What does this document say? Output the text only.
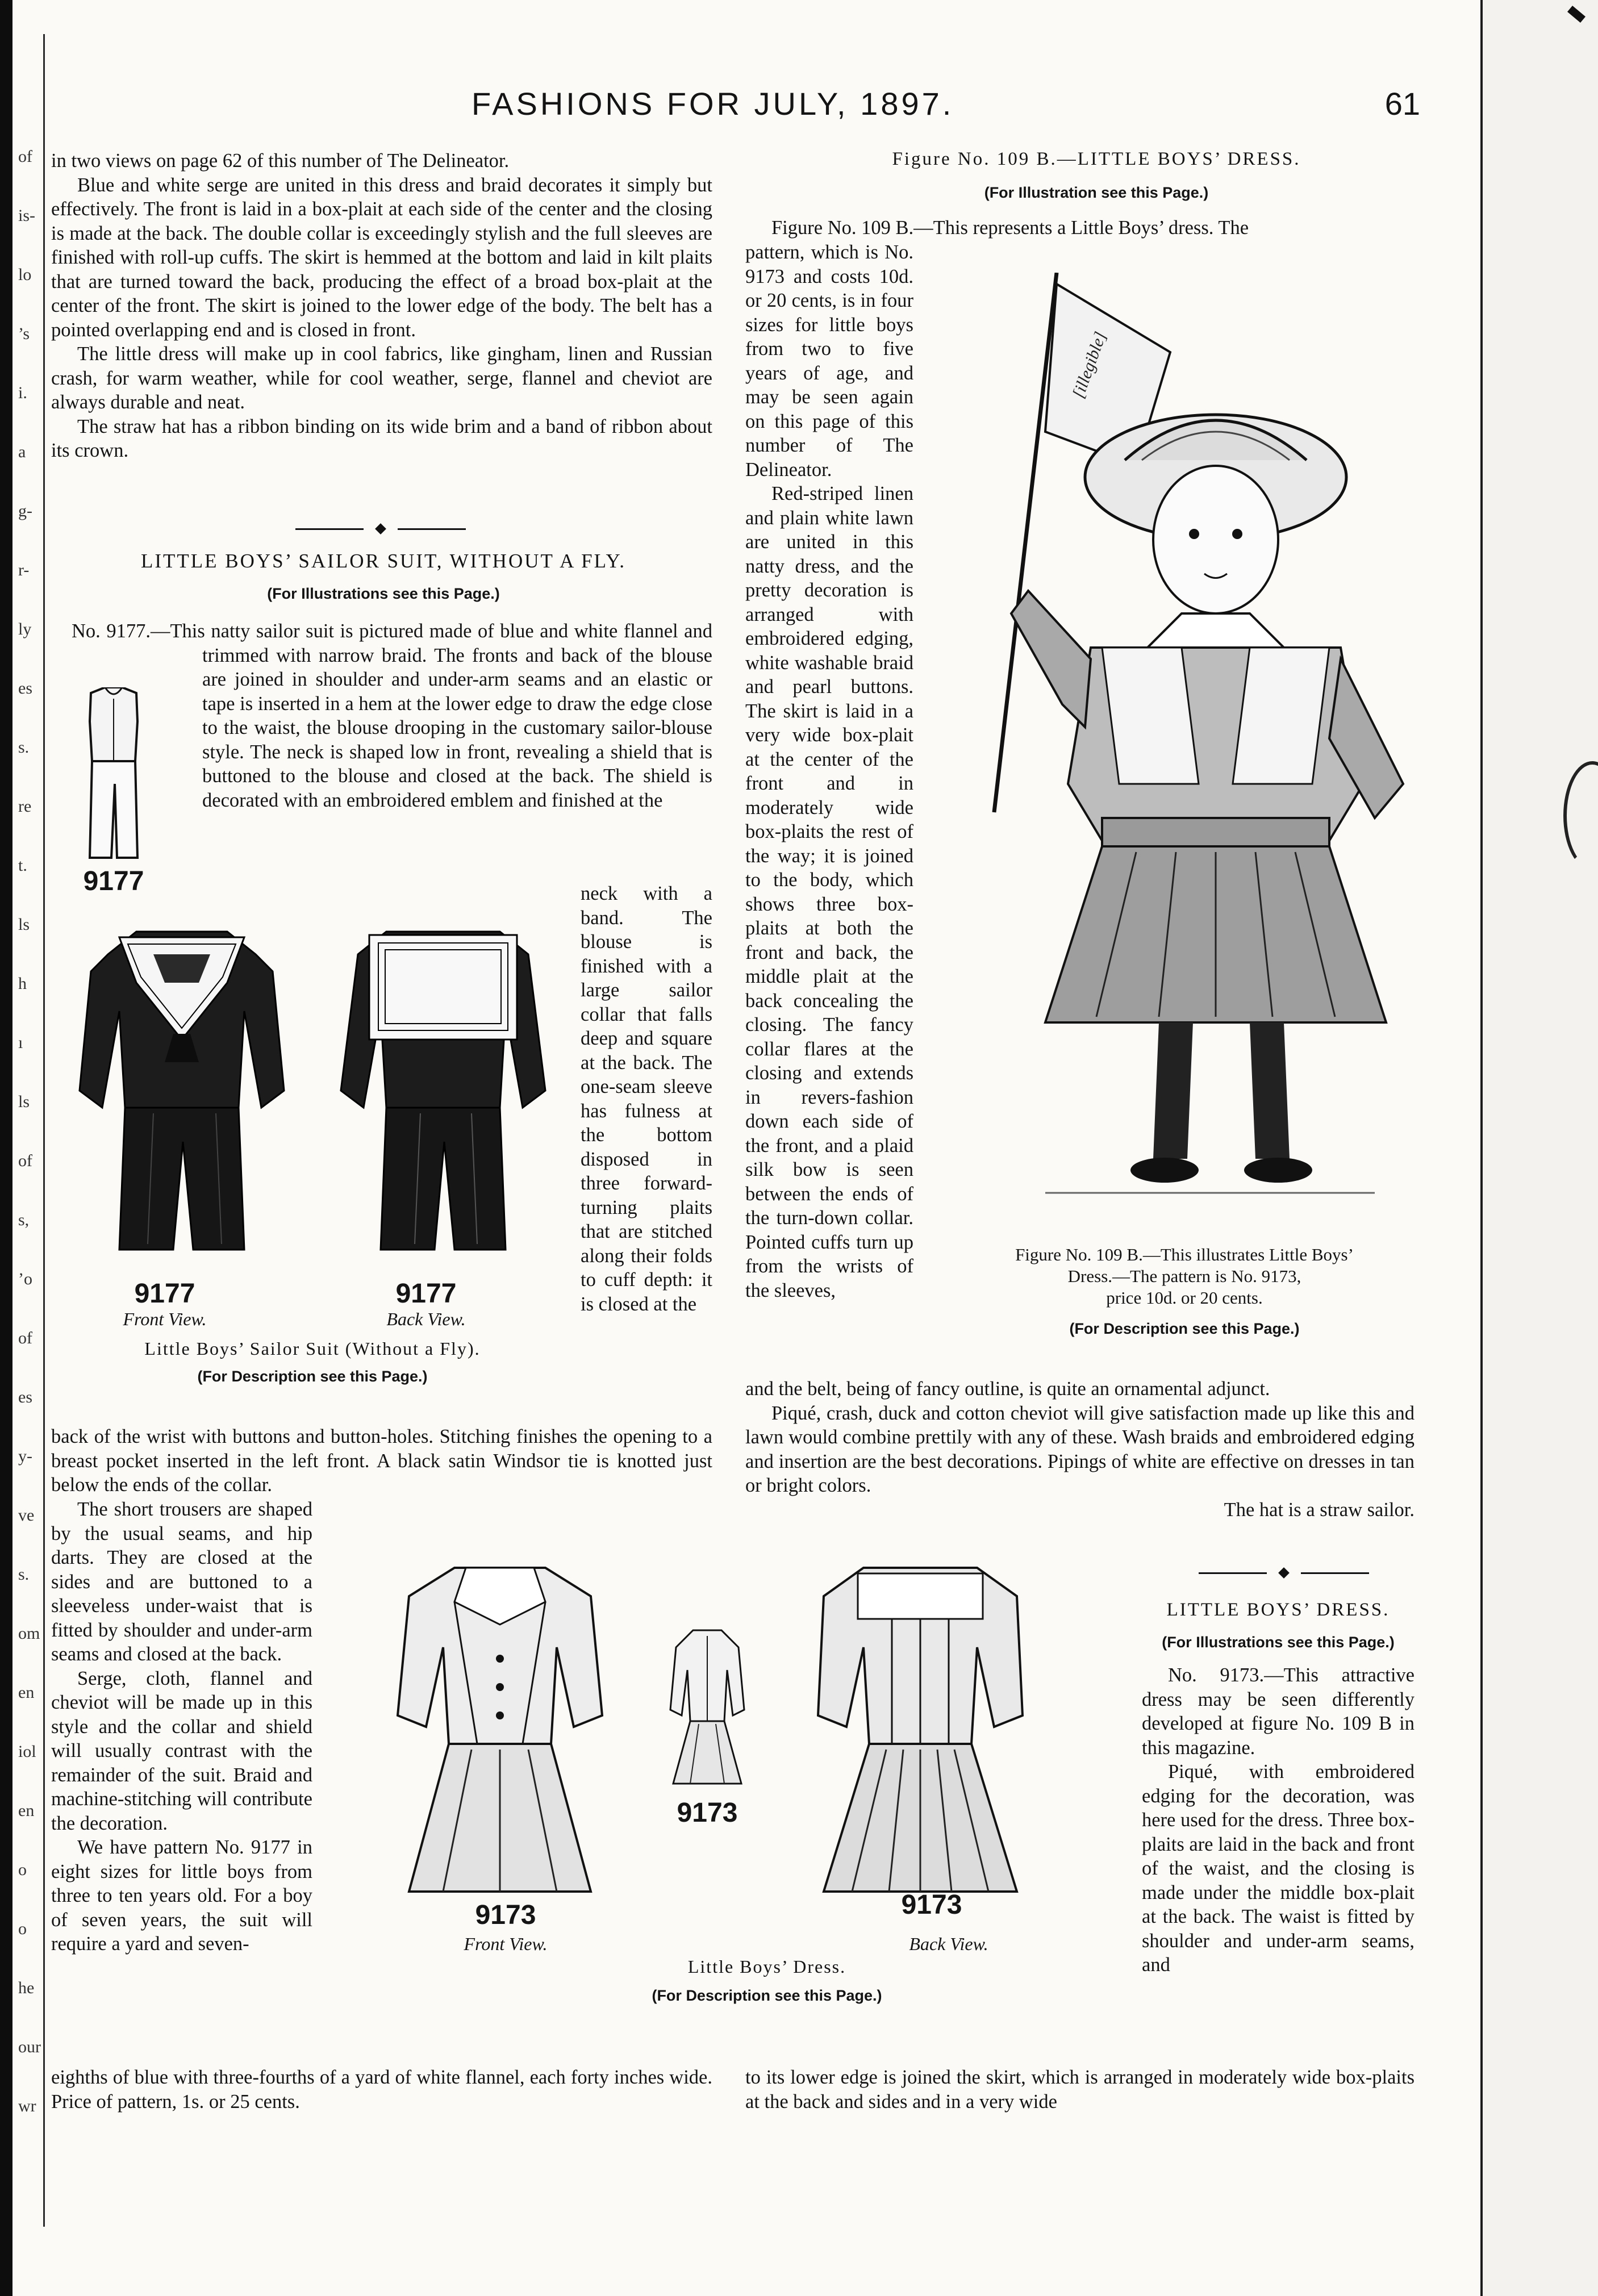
of
is-
lo
’s
i.
a
g-
r-
ly
es
s.
re
t.
ls
h
ı
ls
of
s,
’o
of
es
y-
ve
s.
om
en
iol
en
o
o
he
our
wr
FASHIONS FOR JULY, 1897.	61

in two views on page 62 of this number of The Delineator.

Blue and white serge are united in this dress and braid decorates it simply but effectively. The front is laid in a box-plait at each side of the center and the closing is made at the back. The double collar is exceedingly stylish and the full sleeves are finished with roll-up cuffs. The skirt is hemmed at the bottom and laid in kilt plaits that are turned toward the back, producing the effect of a broad box-plait at the center of the front. The skirt is joined to the lower edge of the body. The belt has a pointed overlapping end and is closed in front.

The little dress will make up in cool fabrics, like gingham, linen and Russian crash, for warm weather, while for cool weather, serge, flannel and cheviot are always durable and neat.

The straw hat has a ribbon binding on its wide brim and a band of ribbon about its crown.

LITTLE BOYS’ SAILOR SUIT, WITHOUT A FLY.
(For Illustrations see this Page.)

No. 9177.—
This natty sailor suit is pictured made of blue and white flannel and trimmed with narrow braid. The fronts and back of the blouse are joined in shoulder and under-arm seams and an elastic or tape is inserted in a hem at the lower edge to draw the edge close to the waist, the blouse drooping in the customary sailor-blouse style. The neck is shaped low in front, revealing a shield that is buttoned to the blouse and closed at the back. The shield is decorated with an embroidered emblem and finished at the

neck with a band. The blouse is finished with a large sailor collar that falls deep and square at the back. The one-seam sleeve has fulness at the bottom disposed in three forward-turning plaits that are stitched along their folds to cuff depth: it is closed at the

back of the wrist with buttons and button-holes. Stitching finishes the opening to a breast pocket inserted in the left front. A black satin Windsor tie is knotted just below the ends of the collar.

The short trousers are shaped by the usual seams, and hip darts. They are closed at the sides and are buttoned to a sleeveless under-waist that is fitted by shoulder and under-arm seams and closed at the back.

Serge, cloth, flannel and cheviot will be made up in this style and the collar and shield will usually contrast with the remainder of the suit. Braid and machine-stitching will contribute the decoration.

We have pattern No. 9177 in eight sizes for little boys from three to ten years old. For a boy of seven years, the suit will require a yard and seven-

eighths of blue with three-fourths of a yard of white flannel, each forty inches wide. Price of pattern, 1s. or 25 cents.

9177
9177
Front View.
9177
Back View.
Little Boys’ Sailor Suit (Without a Fly).
(For Description see this Page.)
Figure No. 109 B.—LITTLE BOYS’ DRESS.
(For Illustration see this Page.)

Figure No. 109 B.—This represents a Little Boys’ dress. The

pattern, which is No. 9173 and costs 10d. or 20 cents, is in four sizes for little boys from two to five years of age, and may be seen again on this page of this number of The Delineator.

Red-striped linen and plain white lawn are united in this natty dress, and the pretty decoration is arranged with embroidered edging, white washable braid and pearl buttons. The skirt is laid in a very wide box-plait at the center of the front and in moderately wide box-plaits the rest of the way; it is joined to the body, which shows three box-plaits at both the front and back, the middle plait at the back concealing the closing. The fancy collar flares at the closing and extends in revers-fashion down each side of the front, and a plaid silk bow is seen between the ends of the turn-down collar. Pointed cuffs turn up from the wrists of the sleeves,

[illegible]
Figure No. 109 B.—This illustrates Little Boys’
Dress.—The pattern is No. 9173,
price 10d. or 20 cents.
(For Description see this Page.)

and the belt, being of fancy outline, is quite an ornamental adjunct.

Piqué, crash, duck and cotton cheviot will give satisfaction made up like this and lawn would combine prettily with any of these. Wash braids and embroidered edging and insertion are the best decorations. Pipings of white are effective on dresses in tan or bright colors.

The hat is a straw sailor.

LITTLE BOYS’ DRESS.
(For Illustrations see this Page.)

No. 9173.—This attractive dress may be seen differently developed at figure No. 109 B in this magazine.

Piqué, with embroidered edging for the decoration, was here used for the dress. Three box-plaits are laid in the back and front of the waist, and the closing is made under the middle box-plait at the back. The waist is fitted by shoulder and under-arm seams, and

to its lower edge is joined the skirt, which is arranged in moderately wide box-plaits at the back and sides and in a very wide

9173
Front View.
9173
9173
Back View.
Little Boys’ Dress.
(For Description see this Page.)
